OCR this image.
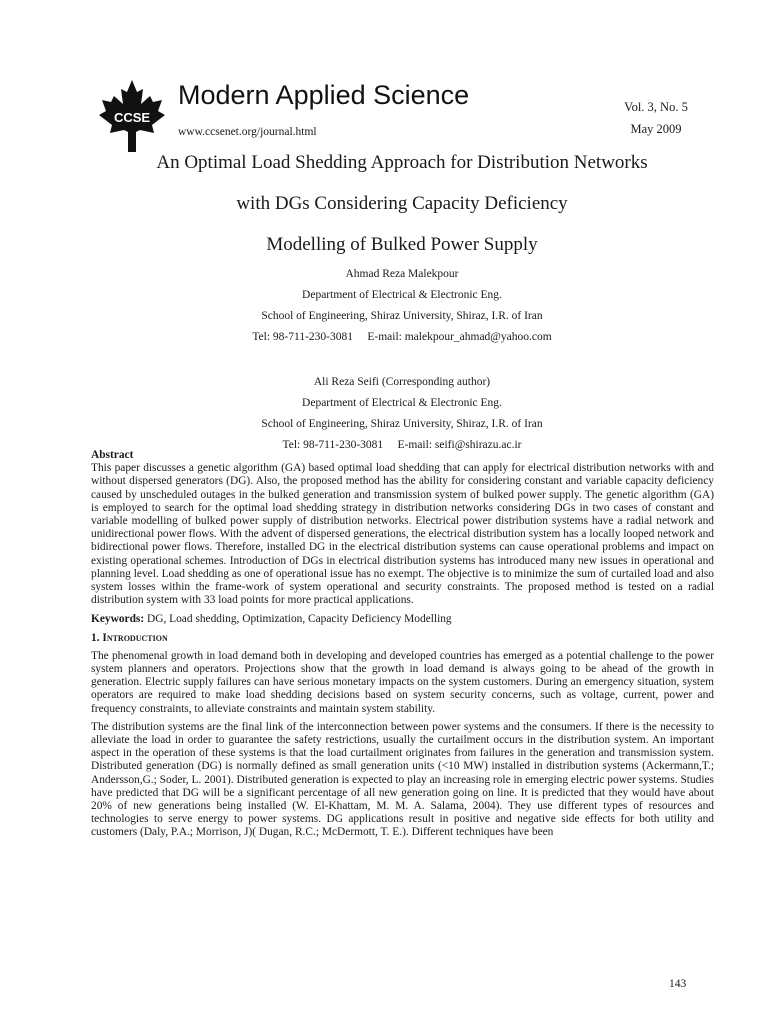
CCSE
Modern Applied Science
www.ccsenet.org/journal.html
Vol. 3, No. 5
May 2009
An Optimal Load Shedding Approach for Distribution Networks
with DGs Considering Capacity Deficiency
Modelling of Bulked Power Supply
Ahmad Reza Malekpour
Department of Electrical & Electronic Eng.
School of Engineering, Shiraz University, Shiraz, I.R. of Iran
Tel: 98-711-230-3081     E-mail: malekpour_ahmad@yahoo.com
Ali Reza Seifi (Corresponding author)
Department of Electrical & Electronic Eng.
School of Engineering, Shiraz University, Shiraz, I.R. of Iran
Tel: 98-711-230-3081     E-mail: seifi@shirazu.ac.ir

Abstract

This paper discusses a genetic algorithm (GA) based optimal load shedding that can apply for electrical distribution networks with and without dispersed generators (DG). Also, the proposed method has the ability for considering constant and variable capacity deficiency caused by unscheduled outages in the bulked generation and transmission system of bulked power supply. The genetic algorithm (GA) is employed to search for the optimal load shedding strategy in distribution networks considering DGs in two cases of constant and variable modelling of bulked power supply of distribution networks. Electrical power distribution systems have a radial network and unidirectional power flows. With the advent of dispersed generations, the electrical distribution system has a locally looped network and bidirectional power flows. Therefore, installed DG in the electrical distribution systems can cause operational problems and impact on existing operational schemes. Introduction of DGs in electrical distribution systems has introduced many new issues in operational and planning level. Load shedding as one of operational issue has no exempt. The objective is to minimize the sum of curtailed load and also system losses within the frame-work of system operational and security constraints. The proposed method is tested on a radial distribution system with 33 load points for more practical applications.

Keywords: DG, Load shedding, Optimization, Capacity Deficiency Modelling

1. Introduction

The phenomenal growth in load demand both in developing and developed countries has emerged as a potential challenge to the power system planners and operators. Projections show that the growth in load demand is always going to be ahead of the growth in generation. Electric supply failures can have serious monetary impacts on the system customers. During an emergency situation, system operators are required to make load shedding decisions based on system security concerns, such as voltage, current, power and frequency constraints, to alleviate constraints and maintain system stability.

The distribution systems are the final link of the interconnection between power systems and the consumers. If there is the necessity to alleviate the load in order to guarantee the safety restrictions, usually the curtailment occurs in the distribution system. An important aspect in the operation of these systems is that the load curtailment originates from failures in the generation and transmission system. Distributed generation (DG) is normally defined as small generation units (<10 MW) installed in distribution systems (Ackermann,T.; Andersson,G.; Soder, L. 2001). Distributed generation is expected to play an increasing role in emerging electric power systems. Studies have predicted that DG will be a significant percentage of all new generation going on line. It is predicted that they would have about 20% of new generations being installed (W. El-Khattam, M. M. A. Salama, 2004). They use different types of resources and technologies to serve energy to power systems. DG applications result in positive and negative side effects for both utility and customers (Daly, P.A.; Morrison, J)( Dugan, R.C.; McDermott, T. E.). Different techniques have been

143
